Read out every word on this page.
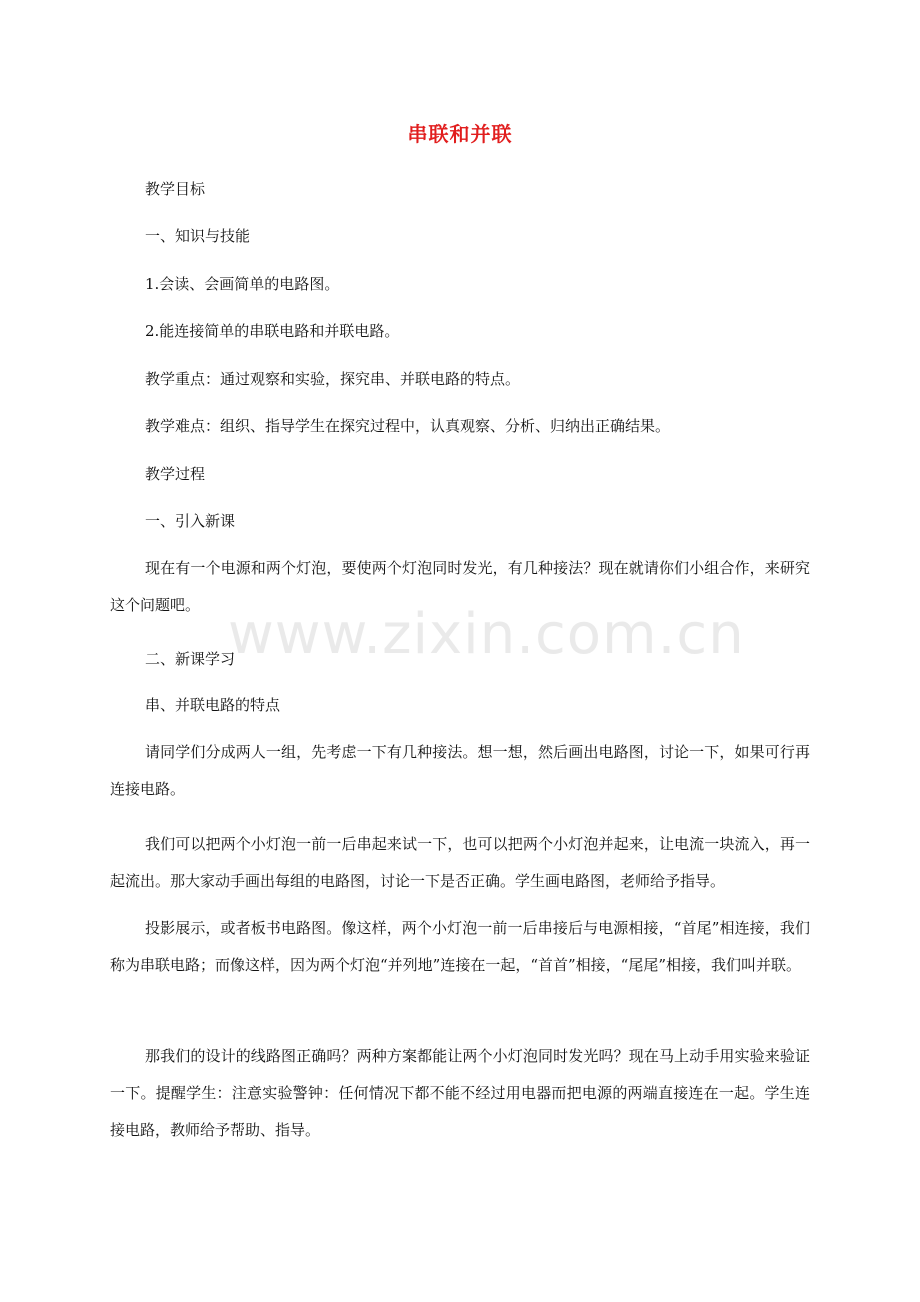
串联和并联
教学目标
一、知识与技能
1.会读、会画简单的电路图。
2.能连接简单的串联电路和并联电路。
教学重点：通过观察和实验，探究串、并联电路的特点。
教学难点：组织、指导学生在探究过程中，认真观察、分析、归纳出正确结果。
教学过程
一、引入新课
现在有一个电源和两个灯泡，要使两个灯泡同时发光，有几种接法？现在就请你们小组合作，来研究这个问题吧。
二、新课学习
串、并联电路的特点
请同学们分成两人一组，先考虑一下有几种接法。想一想，然后画出电路图，讨论一下，如果可行再连接电路。
我们可以把两个小灯泡一前一后串起来试一下，也可以把两个小灯泡并起来，让电流一块流入，再一起流出。那大家动手画出每组的电路图，讨论一下是否正确。学生画电路图，老师给予指导。
投影展示，或者板书电路图。像这样，两个小灯泡一前一后串接后与电源相接，“首尾”相连接，我们称为串联电路；而像这样，因为两个灯泡“并列地”连接在一起，“首首”相接，“尾尾”相接，我们叫并联。
那我们的设计的线路图正确吗？两种方案都能让两个小灯泡同时发光吗？现在马上动手用实验来验证一下。提醒学生：注意实验警钟：任何情况下都不能不经过用电器而把电源的两端直接连在一起。学生连接电路，教师给予帮助、指导。
www.zixin.com.cn
